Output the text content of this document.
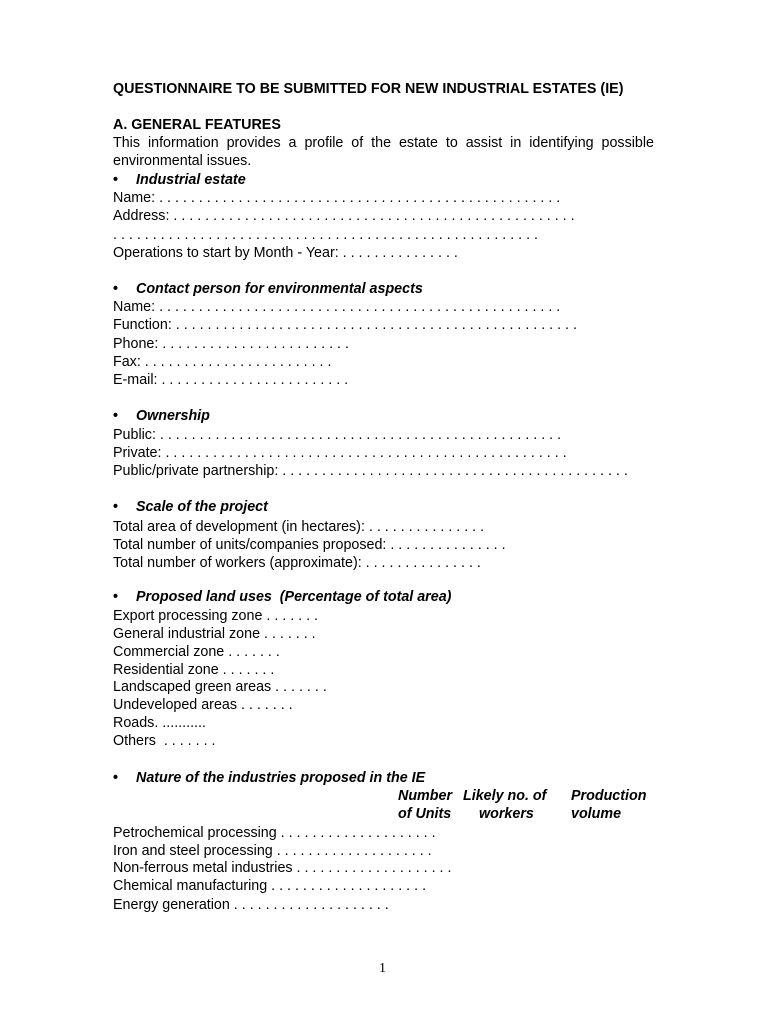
QUESTIONNAIRE TO BE SUBMITTED FOR NEW INDUSTRIAL ESTATES (IE)
A. GENERAL FEATURES
This information provides a profile of the estate to assist in identifying possible
environmental issues.
• Industrial estate
Name: . . . . . . . . . . . . . . . . . . . . . . . . . . . . . . . . . . . . . . . . . . . . . . . . . . .
Address: . . . . . . . . . . . . . . . . . . . . . . . . . . . . . . . . . . . . . . . . . . . . . . . . . . .
. . . . . . . . . . . . . . . . . . . . . . . . . . . . . . . . . . . . . . . . . . . . . . . . . . . . . .
Operations to start by Month - Year: . . . . . . . . . . . . . . .
• Contact person for environmental aspects
Name: . . . . . . . . . . . . . . . . . . . . . . . . . . . . . . . . . . . . . . . . . . . . . . . . . . .
Function: . . . . . . . . . . . . . . . . . . . . . . . . . . . . . . . . . . . . . . . . . . . . . . . . . . .
Phone: . . . . . . . . . . . . . . . . . . . . . . . .
Fax: . . . . . . . . . . . . . . . . . . . . . . . .
E-mail: . . . . . . . . . . . . . . . . . . . . . . . .
• Ownership
Public: . . . . . . . . . . . . . . . . . . . . . . . . . . . . . . . . . . . . . . . . . . . . . . . . . . .
Private: . . . . . . . . . . . . . . . . . . . . . . . . . . . . . . . . . . . . . . . . . . . . . . . . . . .
Public/private partnership: . . . . . . . . . . . . . . . . . . . . . . . . . . . . . . . . . . . . . . . . . . . .
• Scale of the project
Total area of development (in hectares): . . . . . . . . . . . . . . .
Total number of units/companies proposed: . . . . . . . . . . . . . . .
Total number of workers (approximate): . . . . . . . . . . . . . . .
• Proposed land uses  (Percentage of total area)
Export processing zone . . . . . . .
General industrial zone . . . . . . .
Commercial zone . . . . . . .
Residential zone . . . . . . .
Landscaped green areas . . . . . . .
Undeveloped areas . . . . . . .
Roads. ...........
Others  . . . . . . .
• Nature of the industries proposed in the IE
Number
of Units
Likely no. of
workers
Production
volume
Petrochemical processing . . . . . . . . . . . . . . . . . . . .
Iron and steel processing . . . . . . . . . . . . . . . . . . . .
Non-ferrous metal industries . . . . . . . . . . . . . . . . . . . .
Chemical manufacturing . . . . . . . . . . . . . . . . . . . .
Energy generation . . . . . . . . . . . . . . . . . . . .
1
